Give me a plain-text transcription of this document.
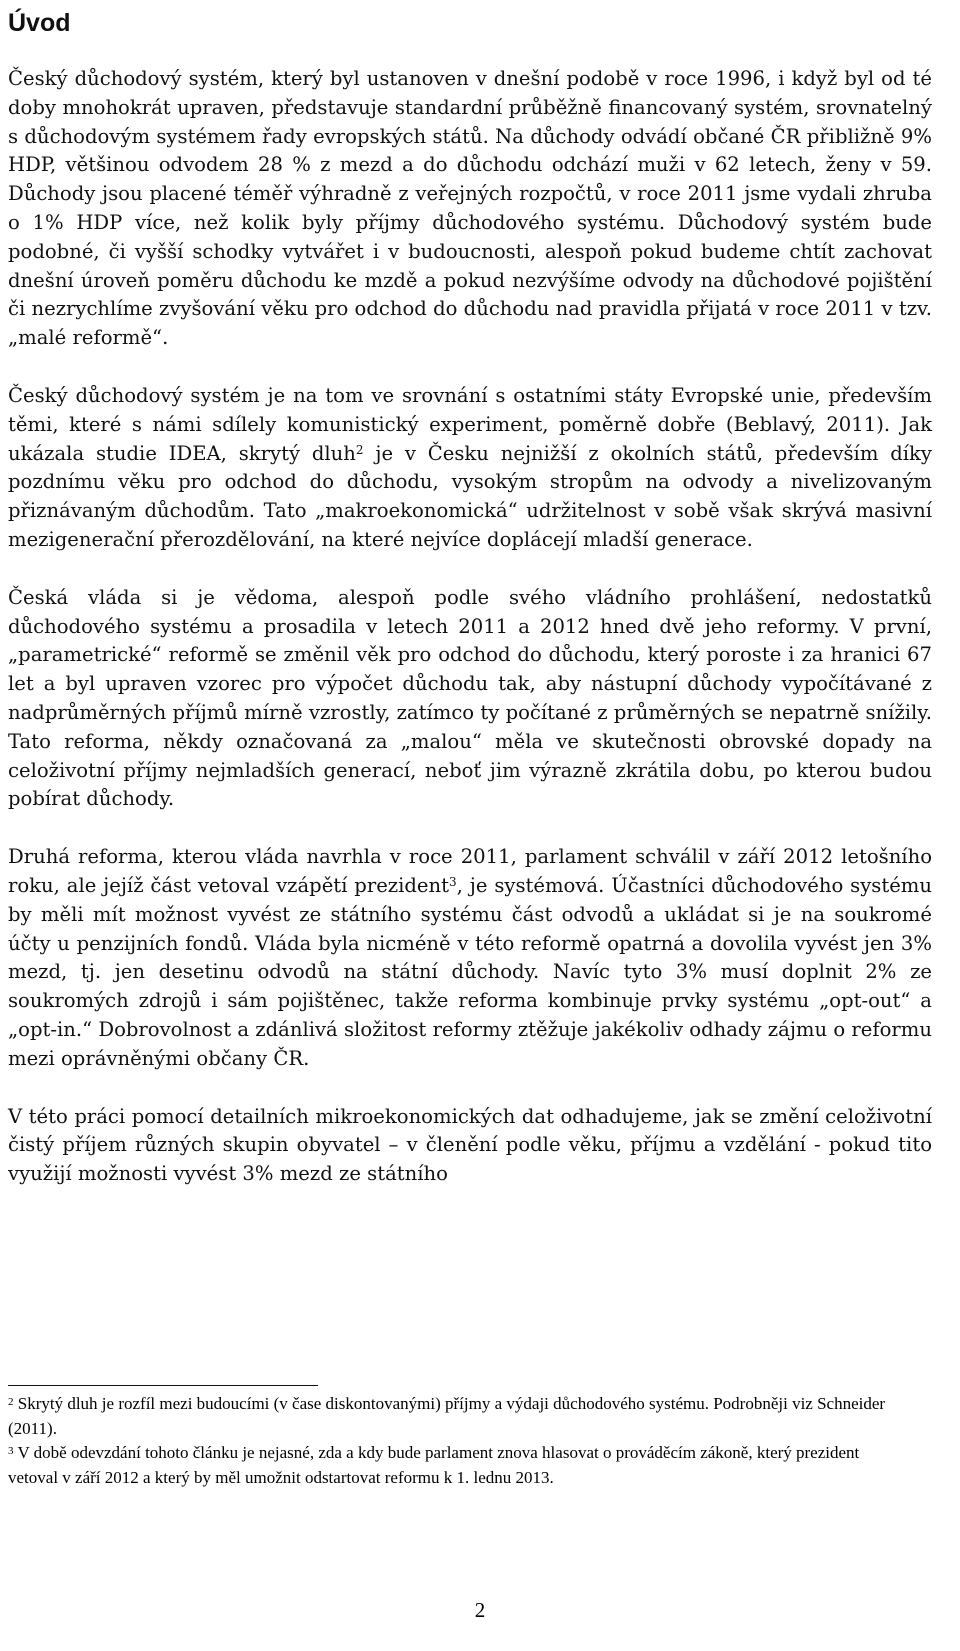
Úvod

Český důchodový systém, který byl ustanoven v dnešní podobě v roce 1996, i když byl od té doby mnohokrát upraven, představuje standardní průběžně financovaný systém, srovnatelný s důchodovým systémem řady evropských států. Na důchody odvádí občané ČR přibližně 9% HDP, většinou odvodem 28 % z mezd a do důchodu odchází muži v 62 letech, ženy v 59. Důchody jsou placené téměř výhradně z veřejných rozpočtů, v roce 2011 jsme vydali zhruba o 1% HDP více, než kolik byly příjmy důchodového systému. Důchodový systém bude podobné, či vyšší schodky vytvářet i v budoucnosti, alespoň pokud budeme chtít zachovat dnešní úroveň poměru důchodu ke mzdě a pokud nezvýšíme odvody na důchodové pojištění či nezrychlíme zvyšování věku pro odchod do důchodu nad pravidla přijatá v roce 2011 v tzv. „malé reformě“.

Český důchodový systém je na tom ve srovnání s ostatními státy Evropské unie, především těmi, které s námi sdílely komunistický experiment, poměrně dobře (Beblavý, 2011). Jak ukázala studie IDEA, skrytý dluh$^2$ je v Česku nejnižší z okolních států, především díky pozdnímu věku pro odchod do důchodu, vysokým stropům na odvody a nivelizovaným přiznávaným důchodům. Tato „makroekonomická“ udržitelnost v sobě však skrývá masivní mezigenerační přerozdělování, na které nejvíce doplácejí mladší generace.

Česká vláda si je vědoma, alespoň podle svého vládního prohlášení, nedostatků důchodového systému a prosadila v letech 2011 a 2012 hned dvě jeho reformy. V první, „parametrické“ reformě se změnil věk pro odchod do důchodu, který poroste i za hranici 67 let a byl upraven vzorec pro výpočet důchodu tak, aby nástupní důchody vypočítávané z nadprůměrných příjmů mírně vzrostly, zatímco ty počítané z průměrných se nepatrně snížily. Tato reforma, někdy označovaná za „malou“ měla ve skutečnosti obrovské dopady na celoživotní příjmy nejmladších generací, neboť jim výrazně zkrátila dobu, po kterou budou pobírat důchody.

Druhá reforma, kterou vláda navrhla v roce 2011, parlament schválil v září 2012 letošního roku, ale jejíž část vetoval vzápětí prezident$^3$, je systémová. Účastníci důchodového systému by měli mít možnost vyvést ze státního systému část odvodů a ukládat si je na soukromé účty u penzijních fondů. Vláda byla nicméně v této reformě opatrná a dovolila vyvést jen 3% mezd, tj. jen desetinu odvodů na státní důchody. Navíc tyto 3% musí doplnit 2% ze soukromých zdrojů i sám pojištěnec, takže reforma kombinuje prvky systému „opt-out“ a „opt-in.“ Dobrovolnost a zdánlivá složitost reformy ztěžuje jakékoliv odhady zájmu o reformu mezi oprávněnými občany ČR.

V této práci pomocí detailních mikroekonomických dat odhadujeme, jak se změní celoživotní čistý příjem různých skupin obyvatel – v členění podle věku, příjmu a vzdělání - pokud tito využijí možnosti vyvést 3% mezd ze státního

$^2$ Skrytý dluh je rozfíl mezi budoucími (v čase diskontovanými) příjmy a výdaji důchodového systému. Podrobněji viz Schneider (2011).

$^3$ V době odevzdání tohoto článku je nejasné, zda a kdy bude parlament znova hlasovat o prováděcím zákoně, který prezident vetoval v září 2012 a který by měl umožnit odstartovat reformu k 1. lednu 2013.

2
